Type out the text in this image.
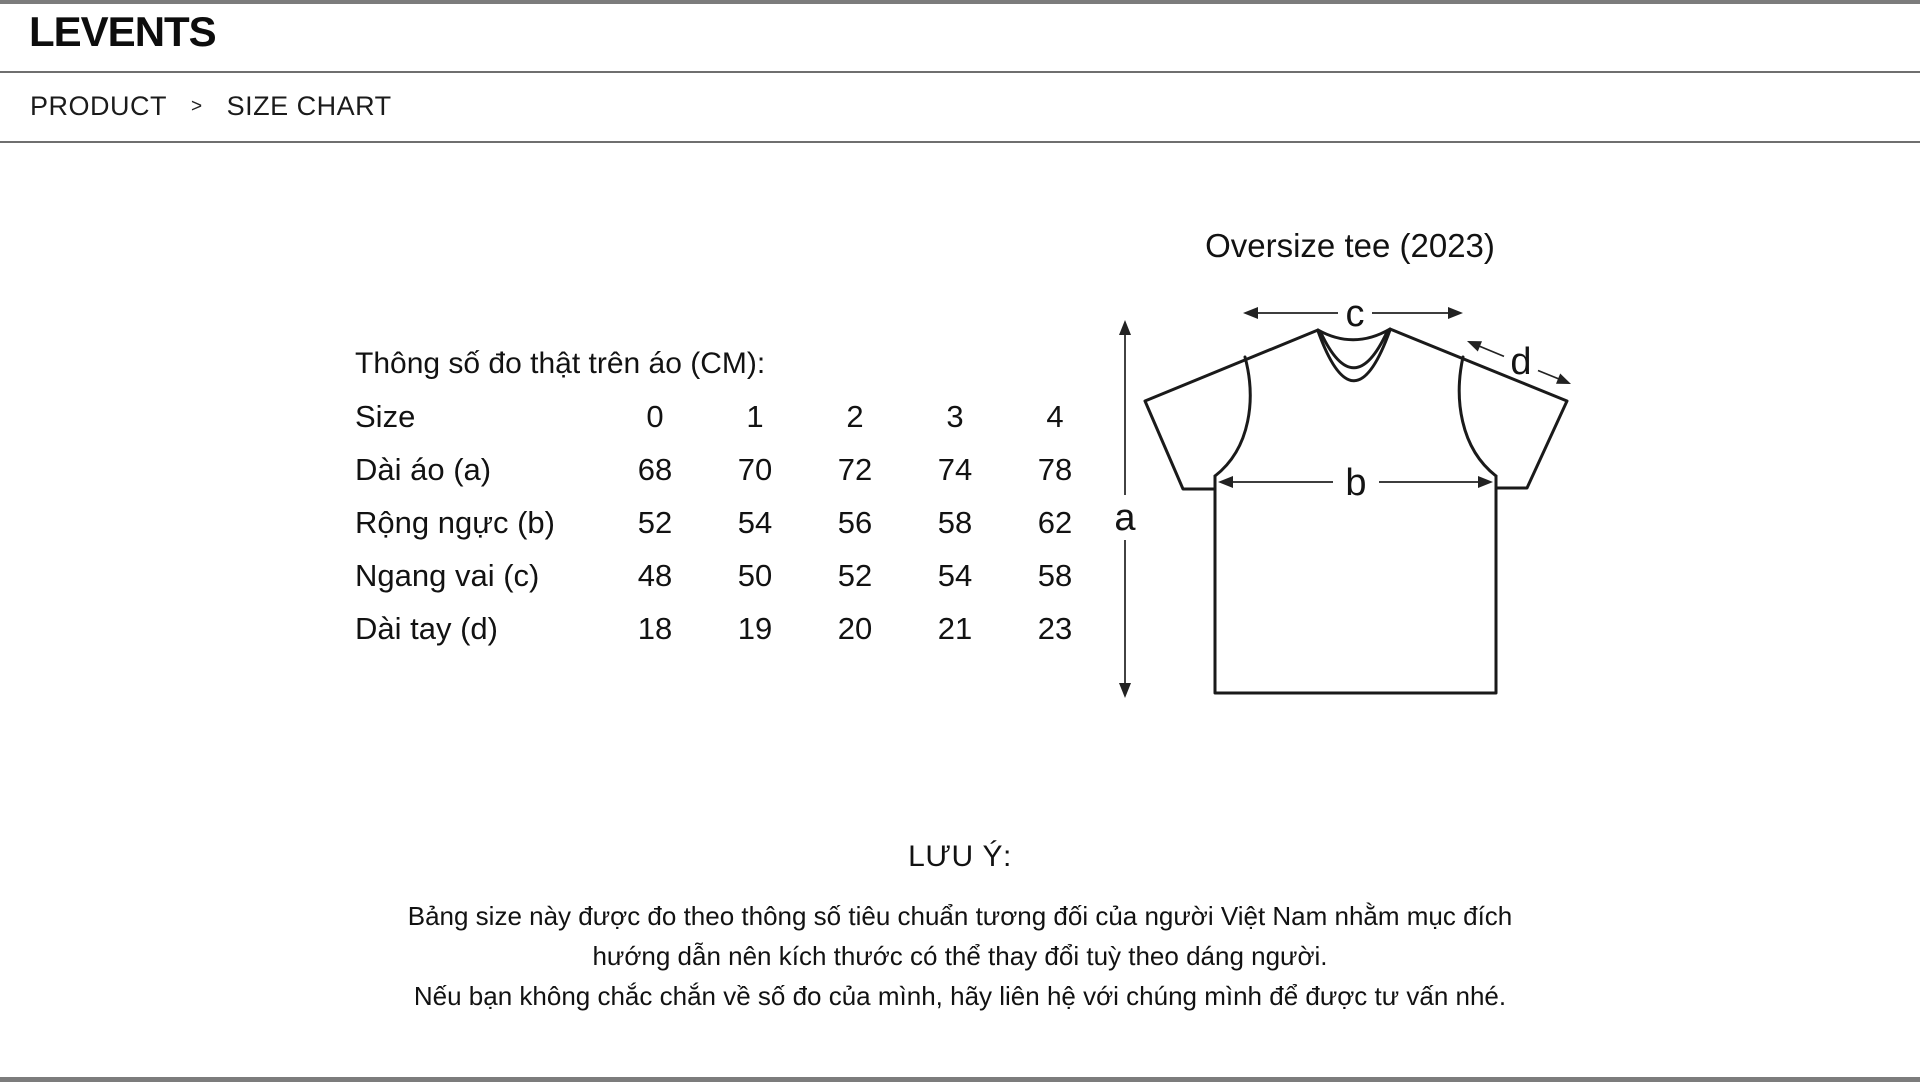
LEVENTS
PRODUCT > SIZE CHART
Thông số đo thật trên áo (CM):
Size	0	1	2	3	4
Dài áo (a)	68	70	72	74	78
Rộng ngực (b)	52	54	56	58	62
Ngang vai (c)	48	50	52	54	58
Dài tay (d)	18	19	20	21	23
Oversize tee (2023)
a
b
c
d
LƯU Ý:
Bảng size này được đo theo thông số tiêu chuẩn tương đối của người Việt Nam nhằm mục đích
hướng dẫn nên kích thước có thể thay đổi tuỳ theo dáng người.
Nếu bạn không chắc chắn về số đo của mình, hãy liên hệ với chúng mình để được tư vấn nhé.
